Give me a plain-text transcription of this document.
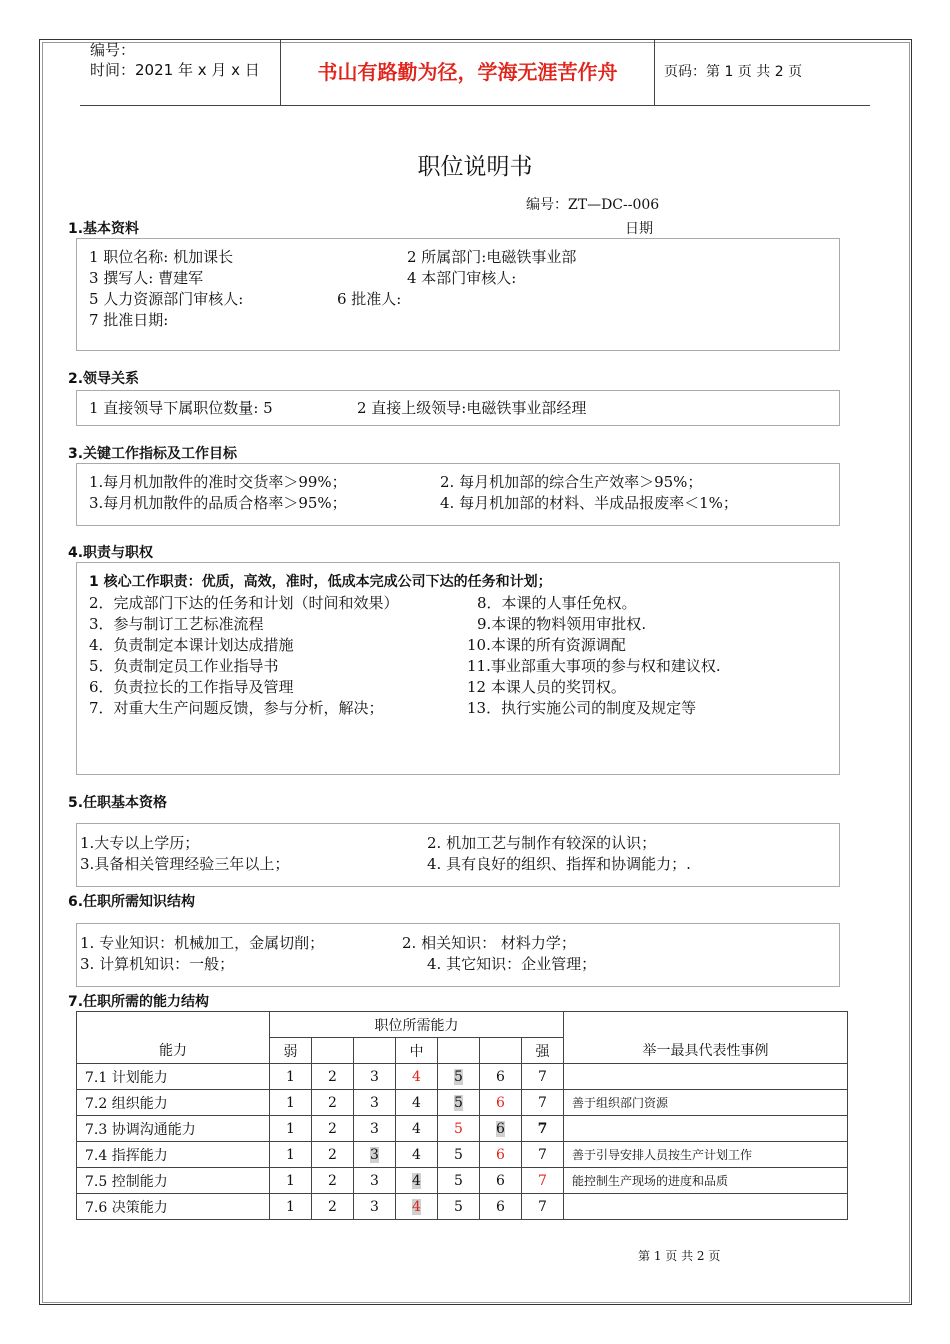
编号：
时间：2021 年 x 月 x 日	书山有路勤为径，学海无涯苦作舟	页码：第 1 页 共 2 页
职位说明书
编号：ZT—DC--006
日期
1.基本资料
1 职位名称: 机加课长	2 所属部门:电磁铁事业部
3 撰写人: 曹建军	4 本部门审核人:
5 人力资源部门审核人:	6 批准人:
7 批准日期:
2.领导关系
1 直接领导下属职位数量: 5	2 直接上级领导:电磁铁事业部经理
3.关键工作指标及工作目标
1.每月机加散件的准时交货率＞99%；	2. 每月机加部的综合生产效率＞95%；
3.每月机加散件的品质合格率＞95%；	4. 每月机加部的材料、半成品报废率＜1%；
4.职责与职权
1 核心工作职责：优质，高效，准时，低成本完成公司下达的任务和计划；
2．完成部门下达的任务和计划（时间和效果）
3．参与制订工艺标准流程
4．负责制定本课计划达成措施
5．负责制定员工作业指导书
6．负责拉长的工作指导及管理
7．对重大生产问题反馈，参与分析，解决；
8．本课的人事任免权。
9.本课的物料领用审批权.
10.本课的所有资源调配
11.事业部重大事项的参与权和建议权.
12 本课人员的奖罚权。
13．执行实施公司的制度及规定等
5.任职基本资格
1.大专以上学历；	2. 机加工艺与制作有较深的认识；
3.具备相关管理经验三年以上；	4. 具有良好的组织、指挥和协调能力；.
6.任职所需知识结构
1. 专业知识：机械加工，金属切削；	2. 相关知识： 材料力学；
3. 计算机知识：一般；	4. 其它知识：企业管理；
7.任职所需的能力结构
能力	职位所需能力							举一最具代表性事例
	弱			中			强	
7.1 计划能力	1	2	3	4	5	6	7	
7.2 组织能力	1	2	3	4	5	6	7	善于组织部门资源
7.3 协调沟通能力	1	2	3	4	5	6	7	
7.4 指挥能力	1	2	3	4	5	6	7	善于引导安排人员按生产计划工作
7.5 控制能力	1	2	3	4	5	6	7	能控制生产现场的进度和品质
7.6 决策能力	1	2	3	4	5	6	7	
第 1 页 共 2 页
